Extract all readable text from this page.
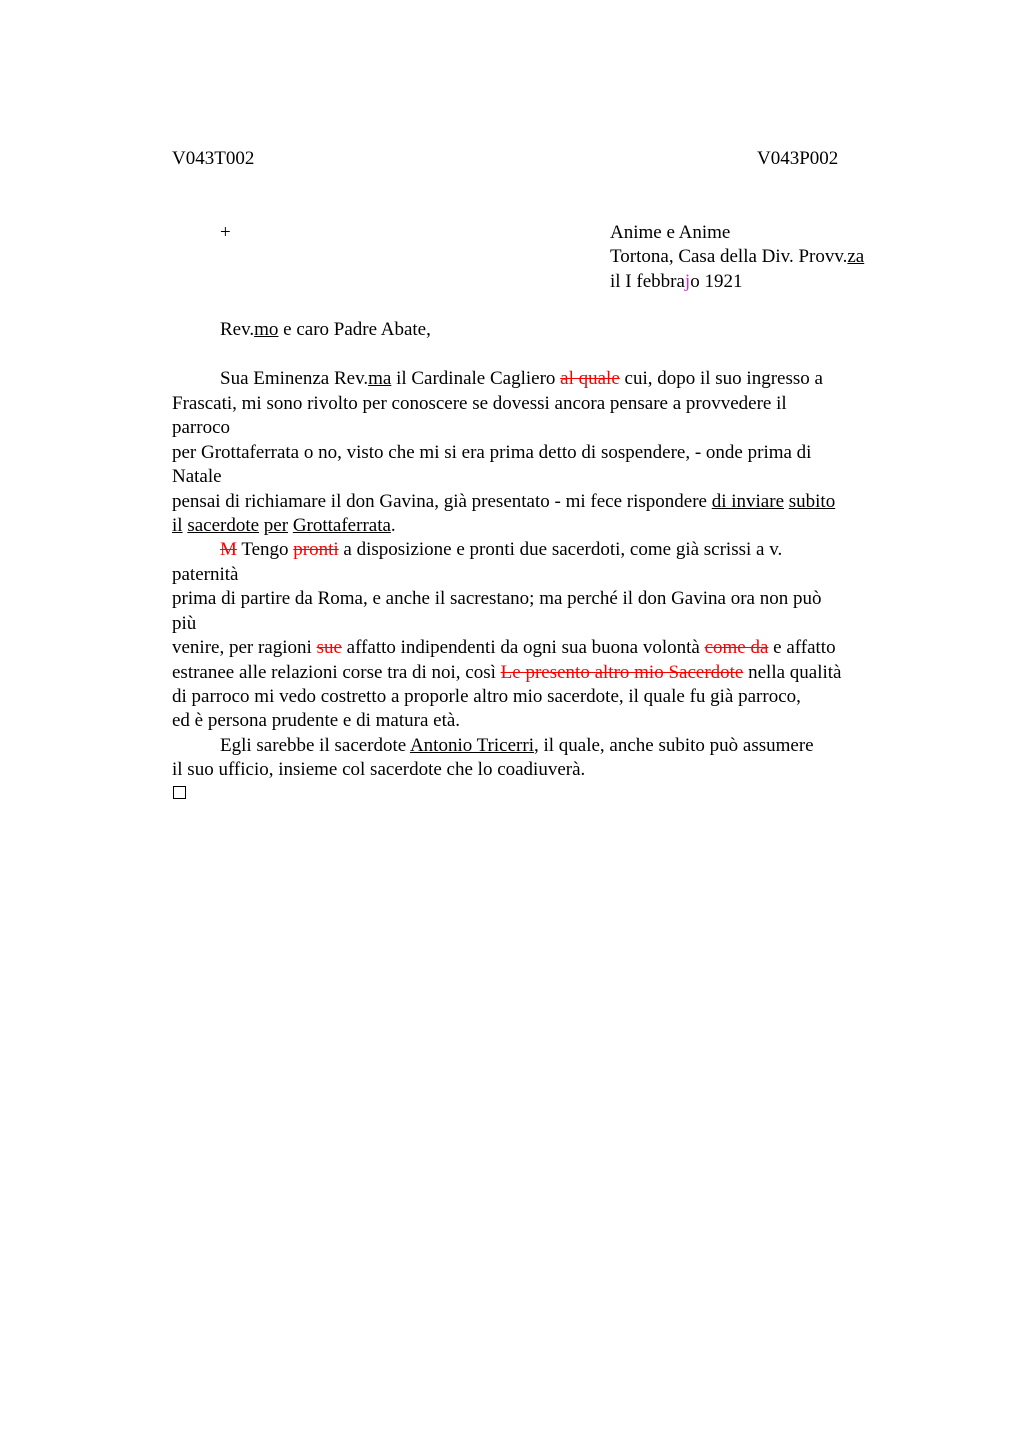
V043T002	V043P002
+	Anime e Anime
Tortona, Casa della Div. Provv.za
il I febbrajo 1921
Rev.mo e caro Padre Abate,
Sua Eminenza Rev.ma il Cardinale Cagliero al quale cui, dopo il suo ingresso a
Frascati, mi sono rivolto per conoscere se dovessi ancora pensare a provvedere il
parroco
per Grottaferrata o no, visto che mi si era prima detto di sospendere, - onde prima di
Natale
pensai di richiamare il don Gavina, già presentato - mi fece rispondere di inviare subito
il sacerdote per Grottaferrata.
M Tengo pronti a disposizione e pronti due sacerdoti, come già scrissi a v.
paternità
prima di partire da Roma, e anche il sacrestano; ma perché il don Gavina ora non può
più
venire, per ragioni sue affatto indipendenti da ogni sua buona volontà come da e affatto
estranee alle relazioni corse tra di noi, così Le presento altro mio Sacerdote nella qualità
di parroco mi vedo costretto a proporle altro mio sacerdote, il quale fu già parroco,
ed è persona prudente e di matura età.
Egli sarebbe il sacerdote Antonio Tricerri, il quale, anche subito può assumere
il suo ufficio, insieme col sacerdote che lo coadiuverà.
